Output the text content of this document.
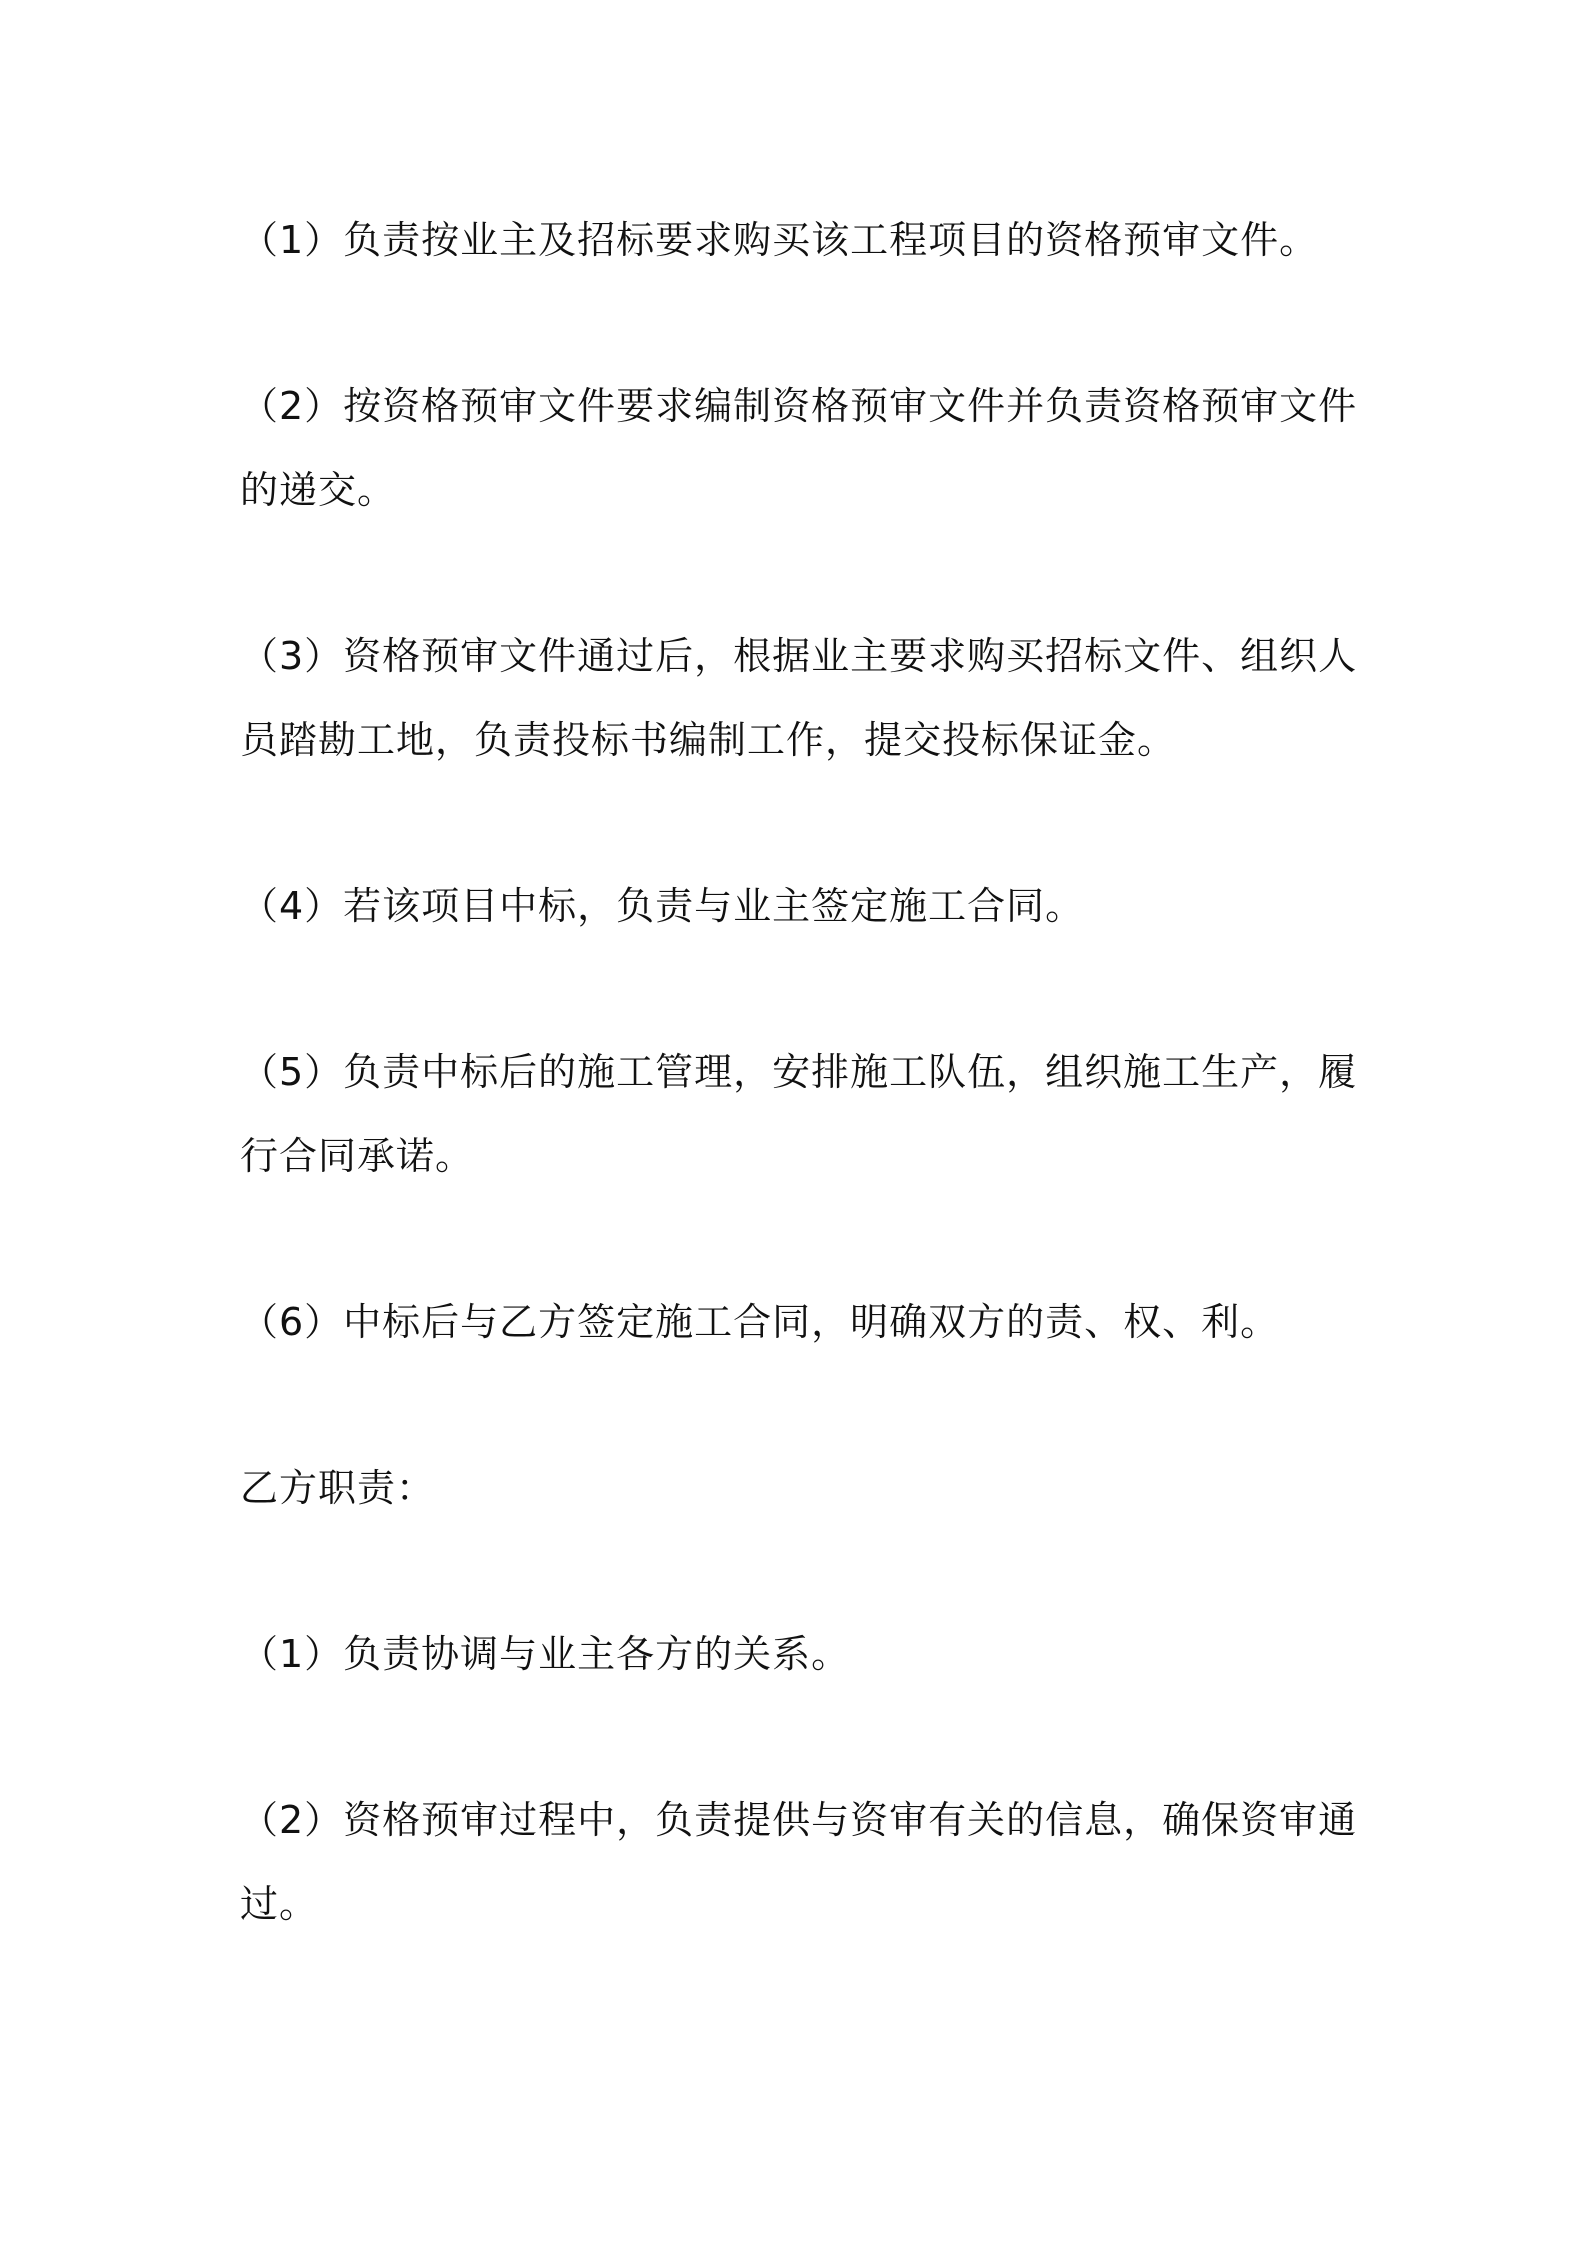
（1）负责按业主及招标要求购买该工程项目的资格预审文件。

（2）按资格预审文件要求编制资格预审文件并负责资格预审文件的递交。

（3）资格预审文件通过后，根据业主要求购买招标文件、组织人员踏勘工地，负责投标书编制工作，提交投标保证金。

（4）若该项目中标，负责与业主签定施工合同。

（5）负责中标后的施工管理，安排施工队伍，组织施工生产，履行合同承诺。

（6）中标后与乙方签定施工合同，明确双方的责、权、利。

乙方职责：

（1）负责协调与业主各方的关系。

（2）资格预审过程中，负责提供与资审有关的信息，确保资审通过。
